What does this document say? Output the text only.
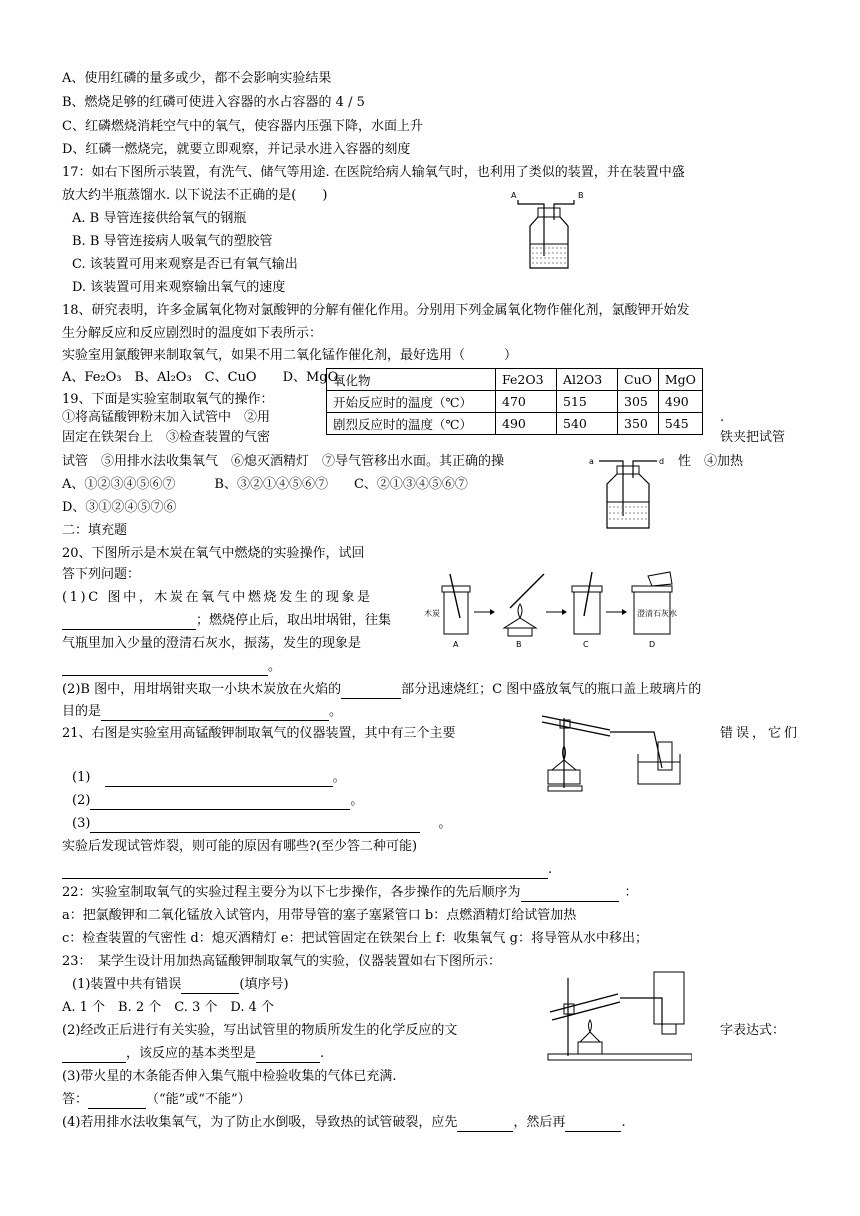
A、使用红磷的量多或少，都不会影响实验结果
B、燃烧足够的红磷可使进入容器的水占容器的 4 / 5
C、红磷燃烧消耗空气中的氧气，使容器内压强下降，水面上升
D、红磷一燃烧完，就要立即观察，并记录水进入容器的刻度
17：如右下图所示装置，有洗气、储气等用途. 在医院给病人输氧气时，也利用了类似的装置，并在装置中盛
放大约半瓶蒸馏水. 以下说法不正确的是(　　)
A. B 导管连接供给氧气的钢瓶
B. B 导管连接病人吸氧气的塑胶管
C. 该装置可用来观察是否已有氧气输出
D. 该装置可用来观察输出氧气的速度
A	B
18、研究表明，许多金属氧化物对氯酸钾的分解有催化作用。分别用下列金属氧化物作催化剂，氯酸钾开始发
生分解反应和反应剧烈时的温度如下表所示：
实验室用氯酸钾来制取氧气，如果不用二氧化锰作催化剂，最好选用（　　　）
A、Fe₂O₃　B、Al₂O₃　C、CuO　　D、MgO
氧化物	Fe2O3	Al2O3	CuO	MgO
开始反应时的温度（℃）	470	515	305	490
剧烈反应时的温度（℃）	490	540	350	545
19、下面是实验室制取氧气的操作：
①将高锰酸钾粉末加入试管中　②用
固定在铁架台上　③检查装置的气密
.
铁夹把试管
试管　⑤用排水法收集氧气　⑥熄灭酒精灯　⑦导气管移出水面。其正确的操	性　④加热
A、①②③④⑤⑥⑦　　　B、③②①④⑤⑥⑦　　C、②①③④⑤⑥⑦
D、③①②④⑤⑦⑥
a	d
二：填充题
20、下图所示是木炭在氧气中燃烧的实验操作，试回
答下列问题：
(1)C 图中，木炭在氧气中燃烧发生的现象是
；燃烧停止后，取出坩埚钳，往集
气瓶里加入少量的澄清石灰水，振荡，发生的现象是
。
(2)B 图中，用坩埚钳夹取一小块木炭放在火焰的	部分迅速烧红；C 图中盛放氧气的瓶口盖上玻璃片的
目的是	。
木炭
A	B	C
澄清石灰水
D
21、右图是实验室用高锰酸钾制取氧气的仪器装置，其中有三个主要	错误，它们
(1)	。
(2)	。
(3)	。
实验后发现试管炸裂，则可能的原因有哪些?(至少答二种可能)
.
22：实验室制取氧气的实验过程主要分为以下七步操作，各步操作的先后顺序为	：
a：把氯酸钾和二氧化锰放入试管内，用带导管的塞子塞紧管口 b：点燃酒精灯给试管加热
c：检查装置的气密性 d：熄灭酒精灯 e：把试管固定在铁架台上 f：收集氧气 g：将导管从水中移出；
23：　某学生设计用加热高锰酸钾制取氧气的实验，仪器装置如右下图所示：
(1)装置中共有错误	(填序号)
A. 1 个　B. 2 个　C. 3 个　D. 4 个
(2)经改正后进行有关实验，写出试管里的物质所发生的化学反应的文	字表达式：
，该反应的基本类型是	.
(3)带火星的木条能否伸入集气瓶中检验收集的气体已充满.
答：	（“能”或“不能”）
(4)若用排水法收集氧气，为了防止水倒吸，导致热的试管破裂，应先	，然后再	.
